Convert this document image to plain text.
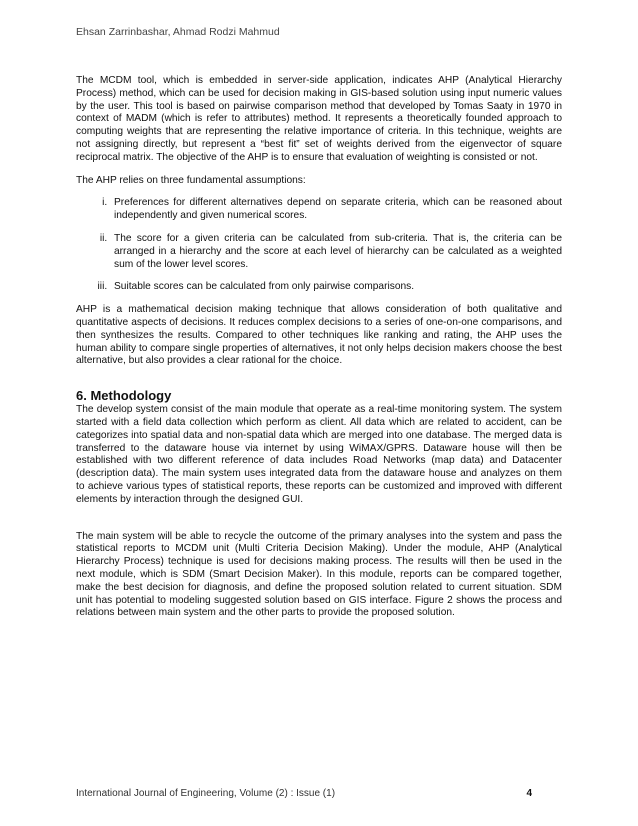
Ehsan Zarrinbashar, Ahmad Rodzi Mahmud

The MCDM tool, which is embedded in server-side application, indicates AHP (Analytical Hierarchy Process) method, which can be used for decision making in GIS-based solution using input numeric values by the user. This tool is based on pairwise comparison method that developed by Tomas Saaty in 1970 in context of MADM (which is refer to attributes) method. It represents a theoretically founded approach to computing weights that are representing the relative importance of criteria. In this technique, weights are not assigning directly, but represent a “best fit” set of weights derived from the eigenvector of square reciprocal matrix. The objective of the AHP is to ensure that evaluation of weighting is consisted or not.

The AHP relies on three fundamental assumptions:

i. Preferences for different alternatives depend on separate criteria, which can be reasoned about independently and given numerical scores.
ii. The score for a given criteria can be calculated from sub-criteria. That is, the criteria can be arranged in a hierarchy and the score at each level of hierarchy can be calculated as a weighted sum of the lower level scores.
iii. Suitable scores can be calculated from only pairwise comparisons.

AHP is a mathematical decision making technique that allows consideration of both qualitative and quantitative aspects of decisions. It reduces complex decisions to a series of one-on-one comparisons, and then synthesizes the results. Compared to other techniques like ranking and rating, the AHP uses the human ability to compare single properties of alternatives, it not only helps decision makers choose the best alternative, but also provides a clear rational for the choice.

6. Methodology

The develop system consist of the main module that operate as a real-time monitoring system. The system started with a field data collection which perform as client. All data which are related to accident, can be categorizes into spatial data and non-spatial data which are merged into one database. The merged data is transferred to the dataware house via internet by using WiMAX/GPRS. Dataware house will then be established with two different reference of data includes Road Networks (map data) and Datacenter (description data). The main system uses integrated data from the dataware house and analyzes on them to achieve various types of statistical reports, these reports can be customized and improved with different elements by interaction through the designed GUI.

The main system will be able to recycle the outcome of the primary analyses into the system and pass the statistical reports to MCDM unit (Multi Criteria Decision Making). Under the module, AHP (Analytical Hierarchy Process) technique is used for decisions making process. The results will then be used in the next module, which is SDM (Smart Decision Maker). In this module, reports can be compared together, make the best decision for diagnosis, and define the proposed solution related to current situation. SDM unit has potential to modeling suggested solution based on GIS interface. Figure 2 shows the process and relations between main system and the other parts to provide the proposed solution.

International Journal of Engineering, Volume (2) : Issue (1)	4
